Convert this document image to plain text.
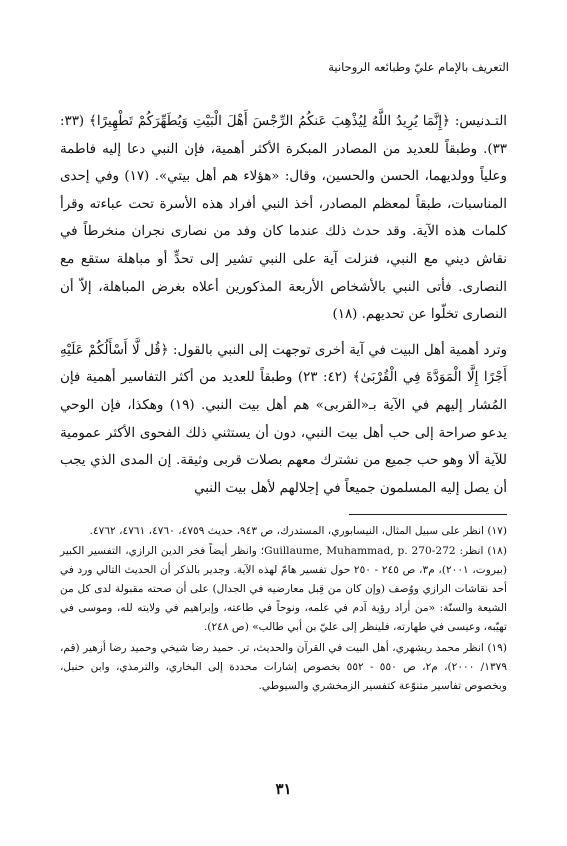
التعريف بالإمام عليّ وطبائعه الروحانية

التـدنيس: ﴿إِنَّمَا يُرِيدُ اللَّهُ لِيُذْهِبَ عَنكُمُ الرِّجْسَ أَهْلَ الْبَيْتِ وَيُطَهِّرَكُمْ تَطْهِيرًا﴾ (٣٣: ٣٣). وطبقاً للعديد من المصادر المبكرة الأكثر أهمية، فإن النبي دعا إليه فاطمة وعلياً وولديهما، الحسن والحسين، وقال: «هؤلاء هم أهل بيتي». (١٧) وفي إحدى المناسبات، طبقاً لمعظم المصادر، أخذ النبي أفراد هذه الأسرة تحت عباءته وقرأ كلمات هذه الآية. وقد حدث ذلك عندما كان وفد من نصارى نجران منخرطاً في نقاش ديني مع النبي، فنزلت آية على النبي تشير إلى تحدٍّ أو مباهلة ستقع مع النصارى. فأتى النبي بالأشخاص الأربعة المذكورين أعلاه بغرض المباهلة، إلاّ أن النصارى تخلّوا عن تحديهم. (١٨)

وترد أهمية أهل البيت في آية أخرى توجهت إلى النبي بالقول: ﴿قُل لَّا أَسْأَلُكُمْ عَلَيْهِ أَجْرًا إِلَّا الْمَوَدَّةَ فِي الْقُرْبَىٰ﴾ (٤٢: ٢٣) وطبقاً للعديد من أكثر التفاسير أهمية فإن المُشار إليهم في الآية بـ«القربى» هم أهل بيت النبي. (١٩) وهكذا، فإن الوحي يدعو صراحة إلى حب أهل بيت النبي، دون أن يستثني ذلك الفحوى الأكثر عمومية للآية ألا وهو حب جميع من نشترك معهم بصلات قربى وثيقة. إن المدى الذي يجب أن يصل إليه المسلمون جميعاً في إجلالهم لأهل بيت النبي

(١٧) انظر على سبيل المثال، النيسابوري، المستدرك، ص ٩٤٣، حديث ٤٧٥٩، ٤٧٦٠، ٤٧٦١، ٤٧٦٢.

(١٨) انظر: Guillaume, Muhammad, p. 270-272؛ وانظر أيضاً فخر الدين الرازي، التفسير الكبير (بيروت، ٢٠٠١)، م٣، ص ٢٤٥ - ٢٥٠ حول تفسير هامّ لهذه الآية. وجدير بالذكر أن الحديث التالي ورد في أحد نقاشات الرازي ووُصف (وإن كان من قِبل معارضيه في الجدال) على أن صحته مقبولة لدى كل من الشيعة والسنّة: «من أراد رؤية آدم في علمه، ونوحاً في طاعته، وإبراهيم في ولايته لله، وموسى في تهيّبه، وعيسى في طهارته، فلينظر إلى عليّ بن أبي طالب» (ص ٢٤٨).

(١٩) انظر محمد ريشهري، أهل البيت في القرآن والحديث، تر. حميد رضا شيخي وحميد رضا أزهير (قم، ١٣٧٩/ ٢٠٠٠)، م٢، ص ٥٥٠ - ٥٥٢ بخصوص إشارات محددة إلى البخاري، والترمذي، وابن حنبل، وبخصوص تفاسير متنوّعة كتفسير الزمخشري والسيوطي.

٣١
